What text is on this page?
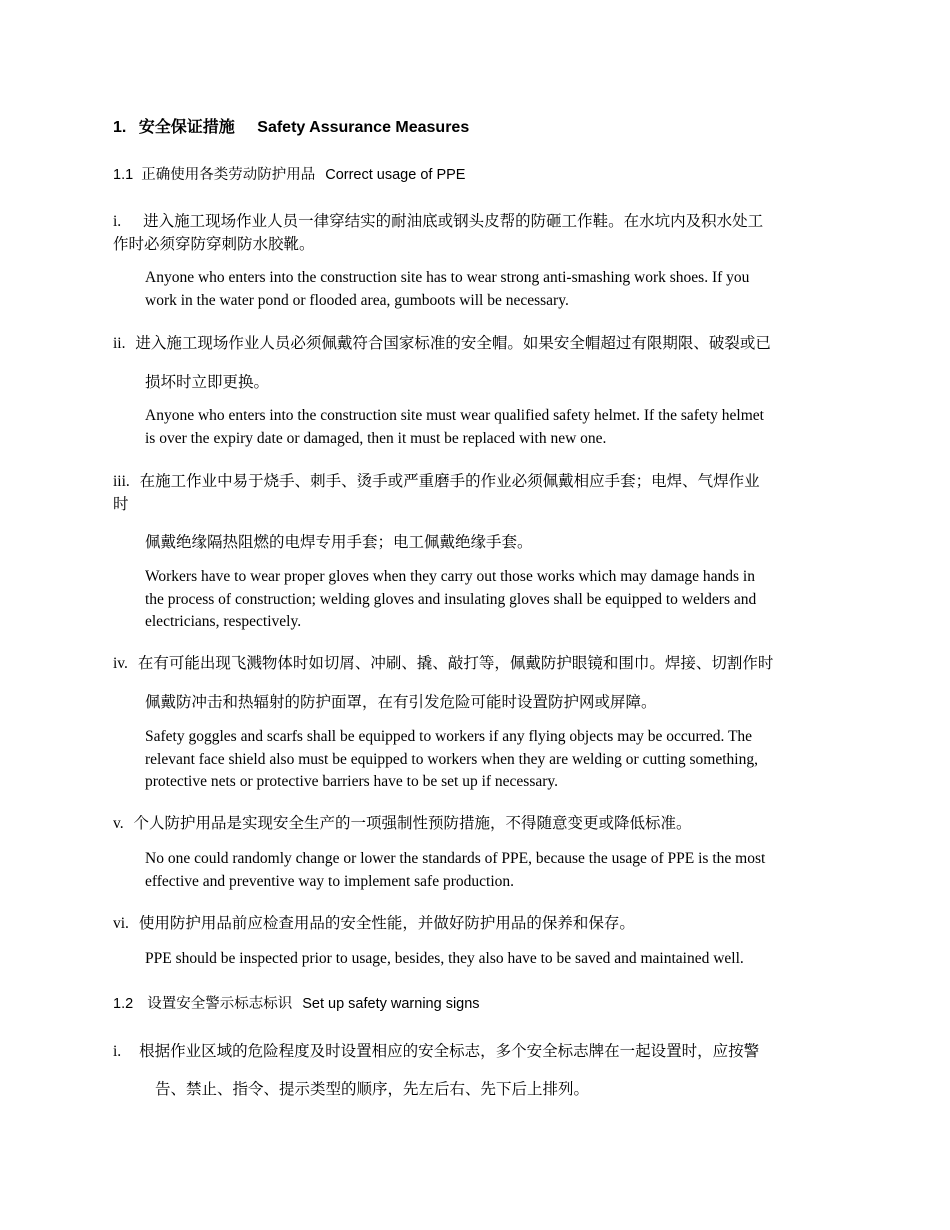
1. 安全保证措施 Safety Assurance Measures
1.1 正确使用各类劳动防护用品 Correct usage of PPE
i. 进入施工现场作业人员一律穿结实的耐油底或钢头皮帮的防砸工作鞋。在水坑内及积水处工
作时必须穿防穿刺防水胶靴。
Anyone who enters into the construction site has to wear strong anti-smashing work shoes. If you
work in the water pond or flooded area, gumboots will be necessary.
ii. 进入施工现场作业人员必须佩戴符合国家标准的安全帽。如果安全帽超过有限期限、破裂或已
损坏时立即更换。
Anyone who enters into the construction site must wear qualified safety helmet. If the safety helmet
is over the expiry date or damaged, then it must be replaced with new one.
iii. 在施工作业中易于烧手、刺手、烫手或严重磨手的作业必须佩戴相应手套；电焊、气焊作业
时
佩戴绝缘隔热阻燃的电焊专用手套；电工佩戴绝缘手套。
Workers have to wear proper gloves when they carry out those works which may damage hands in
the process of construction; welding gloves and insulating gloves shall be equipped to welders and
electricians, respectively.
iv. 在有可能出现飞溅物体时如切屑、冲刷、撬、敲打等，佩戴防护眼镜和围巾。焊接、切割作时
佩戴防冲击和热辐射的防护面罩，在有引发危险可能时设置防护网或屏障。
Safety goggles and scarfs shall be equipped to workers if any flying objects may be occurred. The
relevant face shield also must be equipped to workers when they are welding or cutting something,
protective nets or protective barriers have to be set up if necessary.
v. 个人防护用品是实现安全生产的一项强制性预防措施，不得随意变更或降低标准。
No one could randomly change or lower the standards of PPE, because the usage of PPE is the most
effective and preventive way to implement safe production.
vi. 使用防护用品前应检查用品的安全性能，并做好防护用品的保养和保存。
PPE should be inspected prior to usage, besides, they also have to be saved and maintained well.
1.2 设置安全警示标志标识 Set up safety warning signs
i. 根据作业区域的危险程度及时设置相应的安全标志，多个安全标志牌在一起设置时，应按警
告、禁止、指令、提示类型的顺序，先左后右、先下后上排列。
